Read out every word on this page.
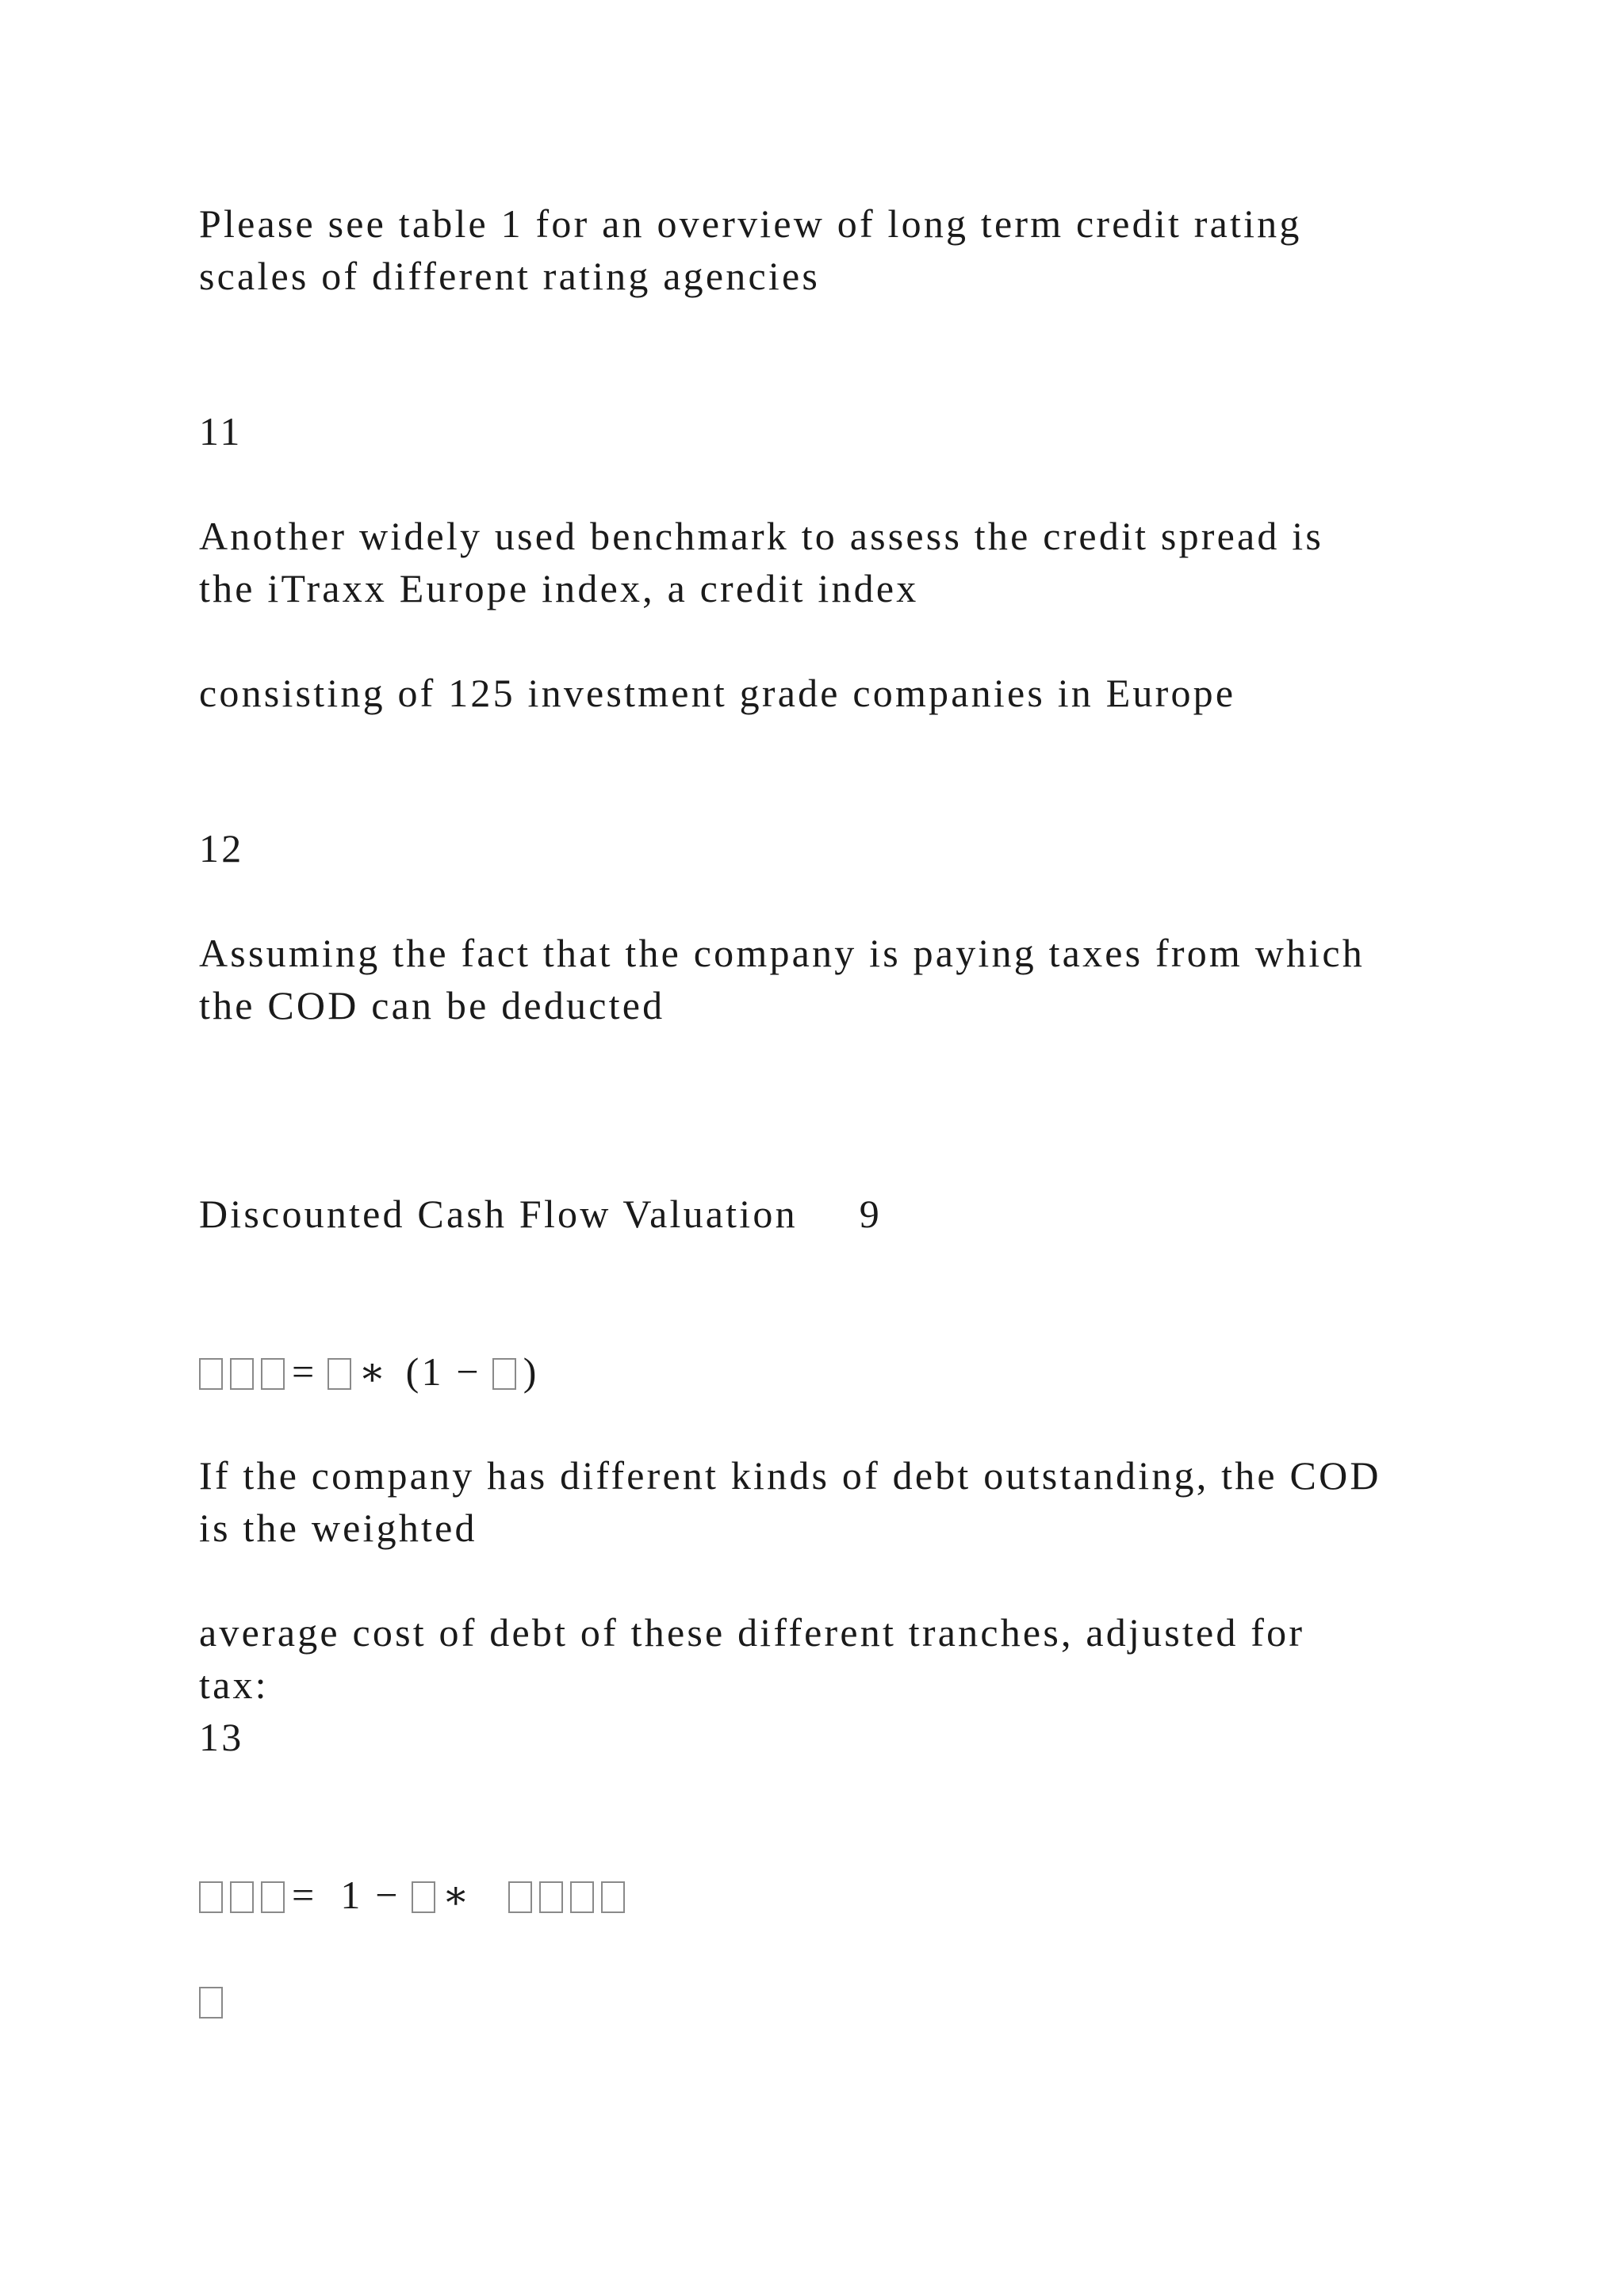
Please see table 1 for an overview of long term credit rating
scales of different rating agencies
11
Another widely used benchmark to assess the credit spread is
the iTraxx Europe index, a credit index
consisting of 125 investment grade companies in Europe
12
Assuming the fact that the company is paying taxes from which
the COD can be deducted
Discounted Cash Flow Valuation 9
= ∗ (1 − )
If the company has different kinds of debt outstanding, the COD
is the weighted
average cost of debt of these different tranches, adjusted for
tax:
13
= 1 − ∗
